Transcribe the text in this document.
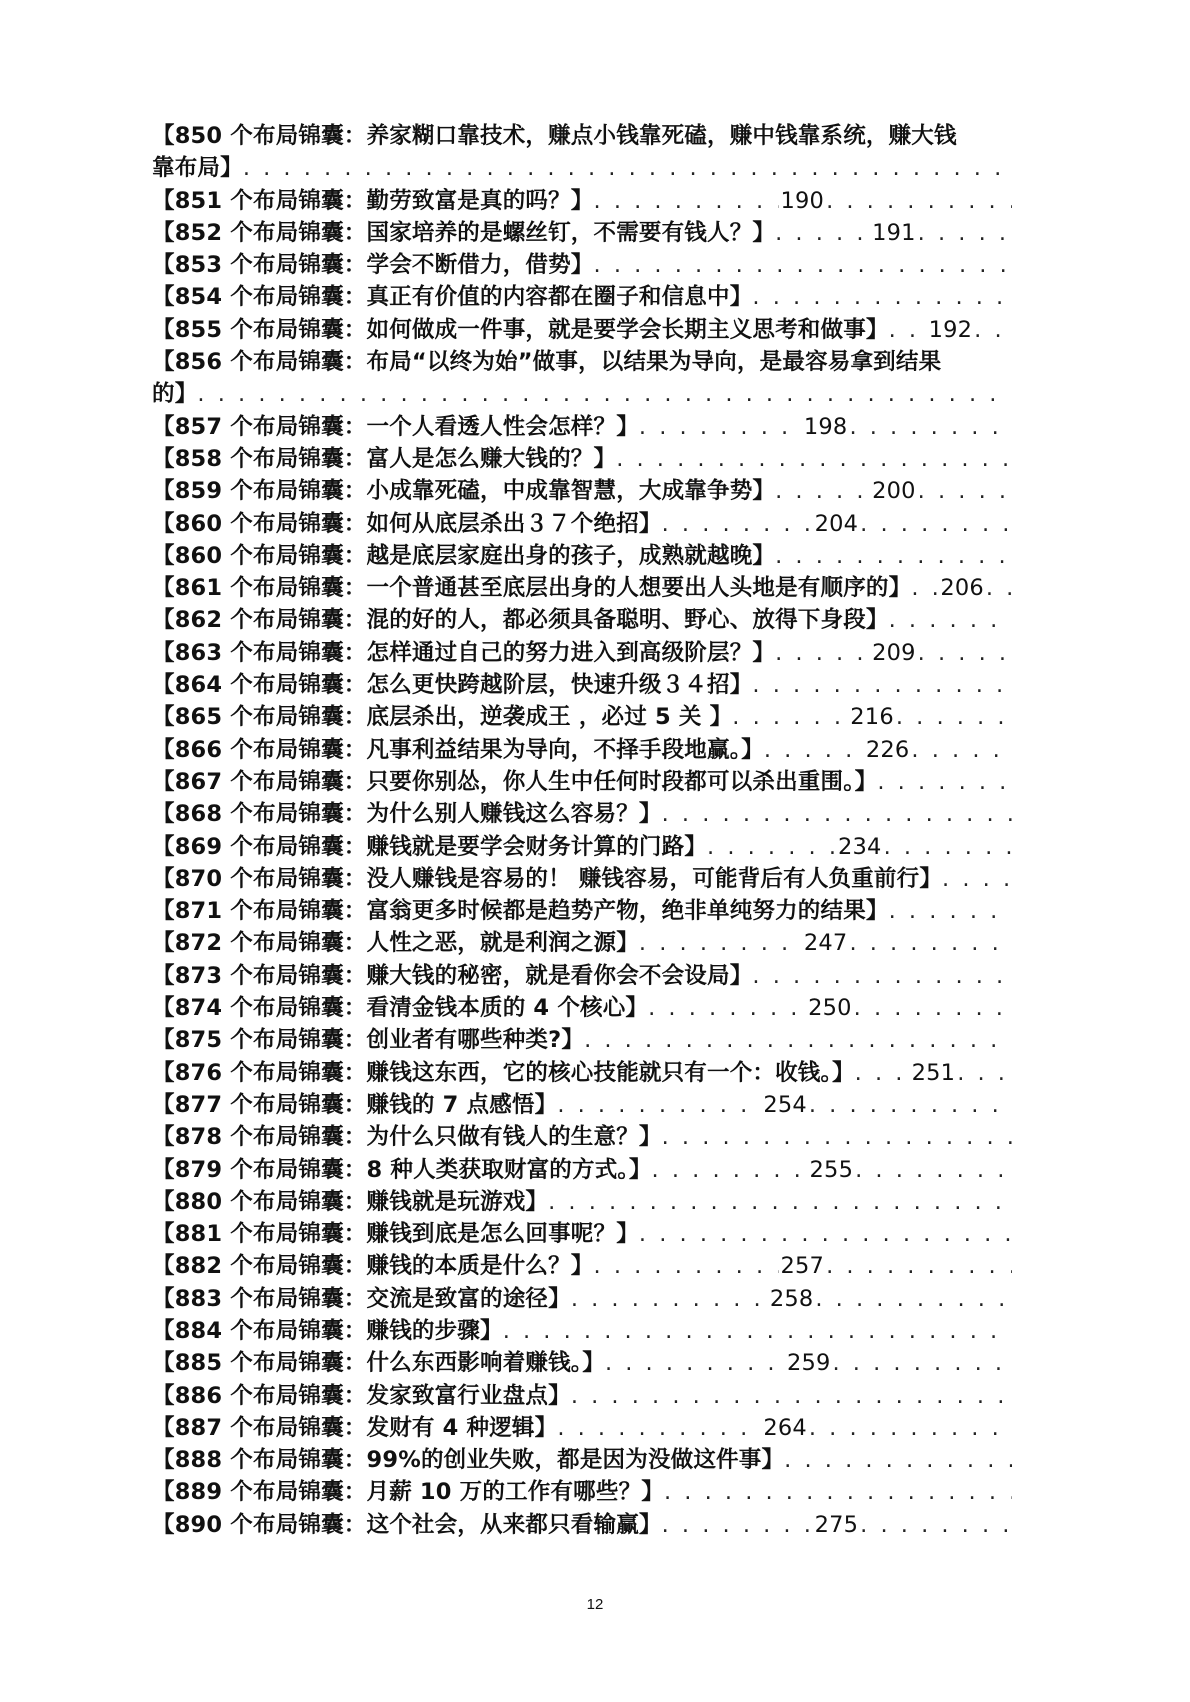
【850 个布局锦囊：养家糊口靠技术，赚点小钱靠死磕，赚中钱靠系统，赚大钱
靠布局】
. . .
【851 个布局锦囊：勤劳致富是真的吗？】 . . .	190
. . .
【852 个布局锦囊：国家培养的是螺丝钉，不需要有钱人？】 . . .	191
. . .
【853 个布局锦囊：学会不断借力，借势】
. . .
【854 个布局锦囊：真正有价值的内容都在圈子和信息中】
. . .
【855 个布局锦囊：如何做成一件事，就是要学会长期主义思考和做事】 . . . 192
. . .
【856 个布局锦囊：布局“以终为始”做事，以结果为导向，是最容易拿到结果
的】
. . .
【857 个布局锦囊：一个人看透人性会怎样？】 . . .	198
. . .
【858 个布局锦囊：富人是怎么赚大钱的？】
. . .
【859 个布局锦囊：小成靠死磕，中成靠智慧，大成靠争势】 . . .	200
. . .
【860 个布局锦囊：如何从底层杀出３７个绝招】 . . .	204
. . .
【860 个布局锦囊：越是底层家庭出身的孩子，成熟就越晚】
. . .
【861 个布局锦囊：一个普通甚至底层出身的人想要出人头地是有顺序的】 . . . 206
. . .
【862 个布局锦囊：混的好的人，都必须具备聪明、野心、放得下身段】
. . .
【863 个布局锦囊：怎样通过自己的努力进入到高级阶层？】 . . .	209
. . .
【864 个布局锦囊：怎么更快跨越阶层，快速升级３４招】
. . .
【865 个布局锦囊：底层杀出，逆袭成王 ，必过 5 关 】 . . .	216
. . .
【866 个布局锦囊：凡事利益结果为导向，不择手段地赢。】 . . .	226
. . .
【867 个布局锦囊：只要你别怂，你人生中任何时段都可以杀出重围。】
. . .
【868 个布局锦囊：为什么别人赚钱这么容易？】
. . .
【869 个布局锦囊：赚钱就是要学会财务计算的门路】 . . .	234
. . .
【870 个布局锦囊：没人赚钱是容易的！ 赚钱容易，可能背后有人负重前行】
. . .
【871 个布局锦囊：富翁更多时候都是趋势产物，绝非单纯努力的结果】
. . .
【872 个布局锦囊：人性之恶，就是利润之源】 . . .	247
. . .
【873 个布局锦囊：赚大钱的秘密，就是看你会不会设局】
. . .
【874 个布局锦囊：看清金钱本质的 4 个核心】 . . .	250
. . .
【875 个布局锦囊：创业者有哪些种类?】
. . .
【876 个布局锦囊：赚钱这东西，它的核心技能就只有一个：收钱。】 . . .	251
. . .
【877 个布局锦囊：赚钱的 7 点感悟】 . . .	254
. . .
【878 个布局锦囊：为什么只做有钱人的生意？】
. . .
【879 个布局锦囊：8 种人类获取财富的方式。】 . . .	255
. . .
【880 个布局锦囊：赚钱就是玩游戏】
. . .
【881 个布局锦囊：赚钱到底是怎么回事呢？】
. . .
【882 个布局锦囊：赚钱的本质是什么？】 . . .	257
. . .
【883 个布局锦囊：交流是致富的途径】 . . .	258
. . .
【884 个布局锦囊：赚钱的步骤】
. . .
【885 个布局锦囊：什么东西影响着赚钱。】 . . .	259
. . .
【886 个布局锦囊：发家致富行业盘点】
. . .
【887 个布局锦囊：发财有 4 种逻辑】 . . .	264
. . .
【888 个布局锦囊：99%的创业失败，都是因为没做这件事】
. . .
【889 个布局锦囊：月薪 10 万的工作有哪些？】
. . .
【890 个布局锦囊：这个社会，从来都只看输赢】 . . .	275
. . .
12
